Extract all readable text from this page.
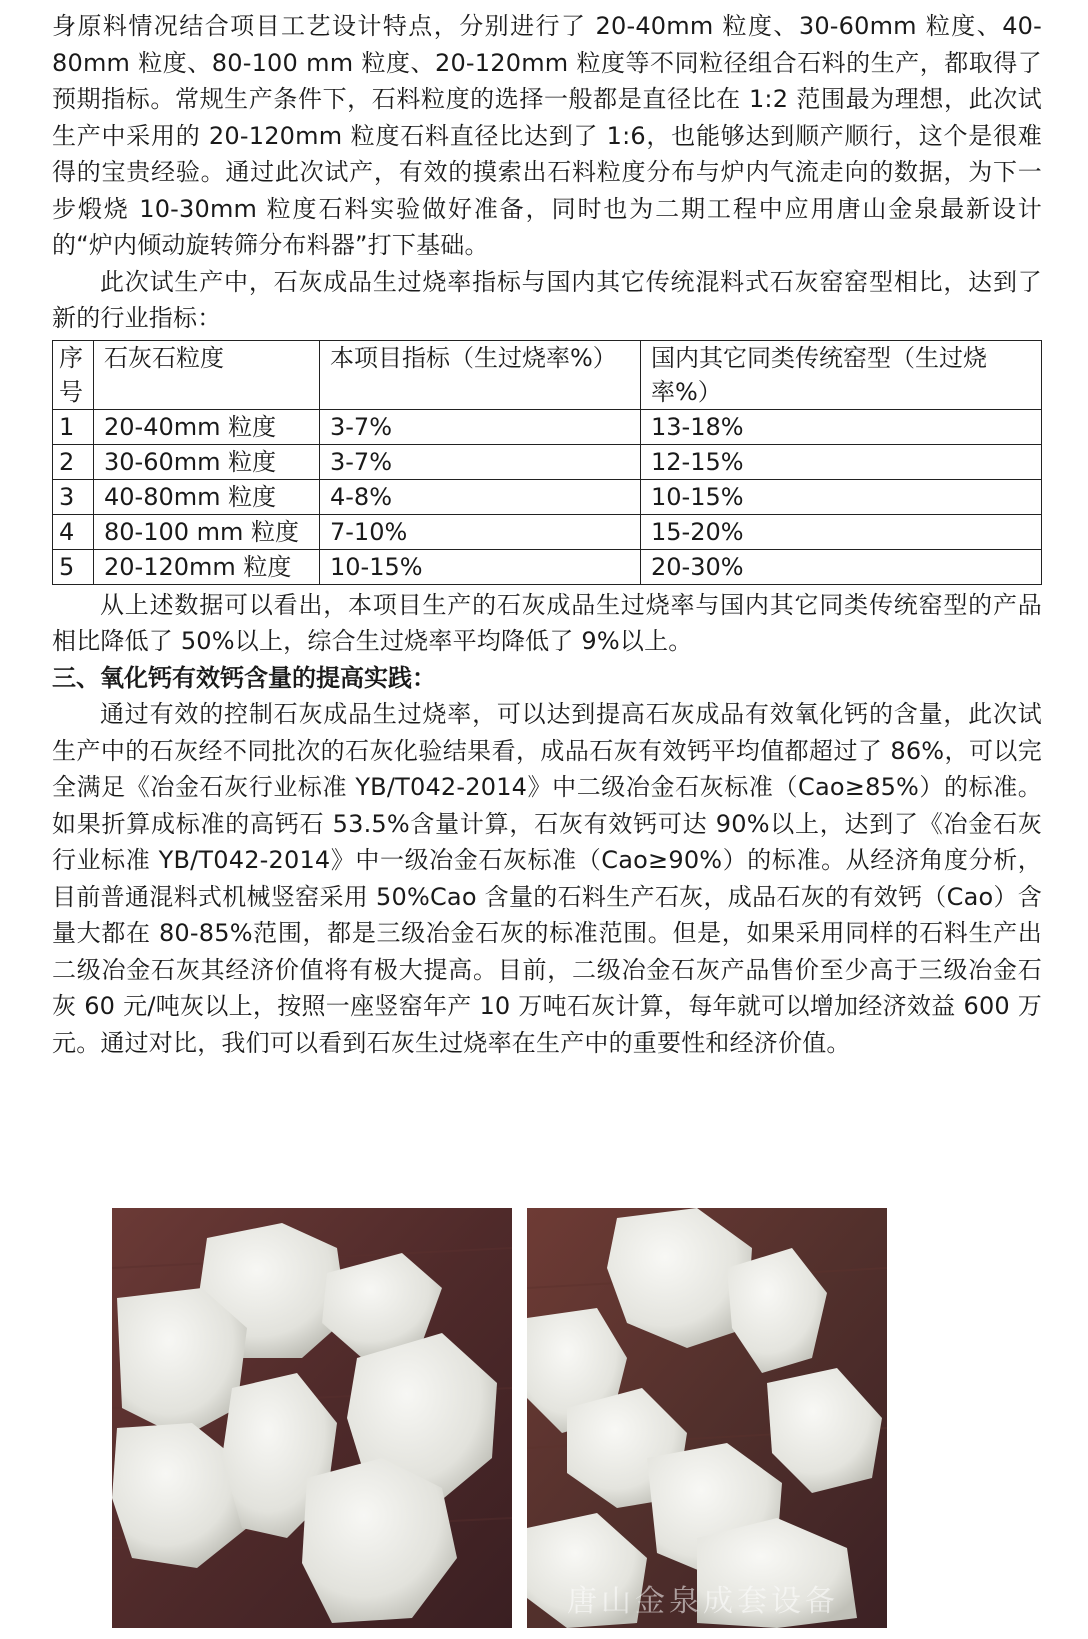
身原料情况结合项目工艺设计特点，分别进行了 20-40mm 粒度、30-60mm 粒度、40-80mm 粒度、80-100 mm 粒度、20-120mm 粒度等不同粒径组合石料的生产，都取得了预期指标。常规生产条件下，石料粒度的选择一般都是直径比在 1:2 范围最为理想，此次试生产中采用的 20-120mm 粒度石料直径比达到了 1:6，也能够达到顺产顺行，这个是很难得的宝贵经验。通过此次试产，有效的摸索出石料粒度分布与炉内气流走向的数据，为下一步煅烧 10-30mm 粒度石料实验做好准备，同时也为二期工程中应用唐山金泉最新设计的“炉内倾动旋转筛分布料器”打下基础。

此次试生产中，石灰成品生过烧率指标与国内其它传统混料式石灰窑窑型相比，达到了新的行业指标：

序号	石灰石粒度	本项目指标（生过烧率%）	国内其它同类传统窑型（生过烧率%）
1	20-40mm 粒度	3-7%	13-18%
2	30-60mm 粒度	3-7%	12-15%
3	40-80mm 粒度	4-8%	10-15%
4	80-100 mm 粒度	7-10%	15-20%
5	20-120mm 粒度	10-15%	20-30%

从上述数据可以看出，本项目生产的石灰成品生过烧率与国内其它同类传统窑型的产品相比降低了 50%以上，综合生过烧率平均降低了 9%以上。

三、氧化钙有效钙含量的提高实践：

通过有效的控制石灰成品生过烧率，可以达到提高石灰成品有效氧化钙的含量，此次试生产中的石灰经不同批次的石灰化验结果看，成品石灰有效钙平均值都超过了 86%，可以完全满足《冶金石灰行业标准 YB/T042-2014》中二级冶金石灰标准（Cao≥85%）的标准。如果折算成标准的高钙石 53.5%含量计算，石灰有效钙可达 90%以上，达到了《冶金石灰行业标准 YB/T042-2014》中一级冶金石灰标准（Cao≥90%）的标准。从经济角度分析，目前普通混料式机械竖窑采用 50%Cao 含量的石料生产石灰，成品石灰的有效钙（Cao）含量大都在 80-85%范围，都是三级冶金石灰的标准范围。但是，如果采用同样的石料生产出二级冶金石灰其经济价值将有极大提高。目前，二级冶金石灰产品售价至少高于三级冶金石灰 60 元/吨灰以上，按照一座竖窑年产 10 万吨石灰计算，每年就可以增加经济效益 600 万元。通过对比，我们可以看到石灰生过烧率在生产中的重要性和经济价值。

唐山金泉成套设备
